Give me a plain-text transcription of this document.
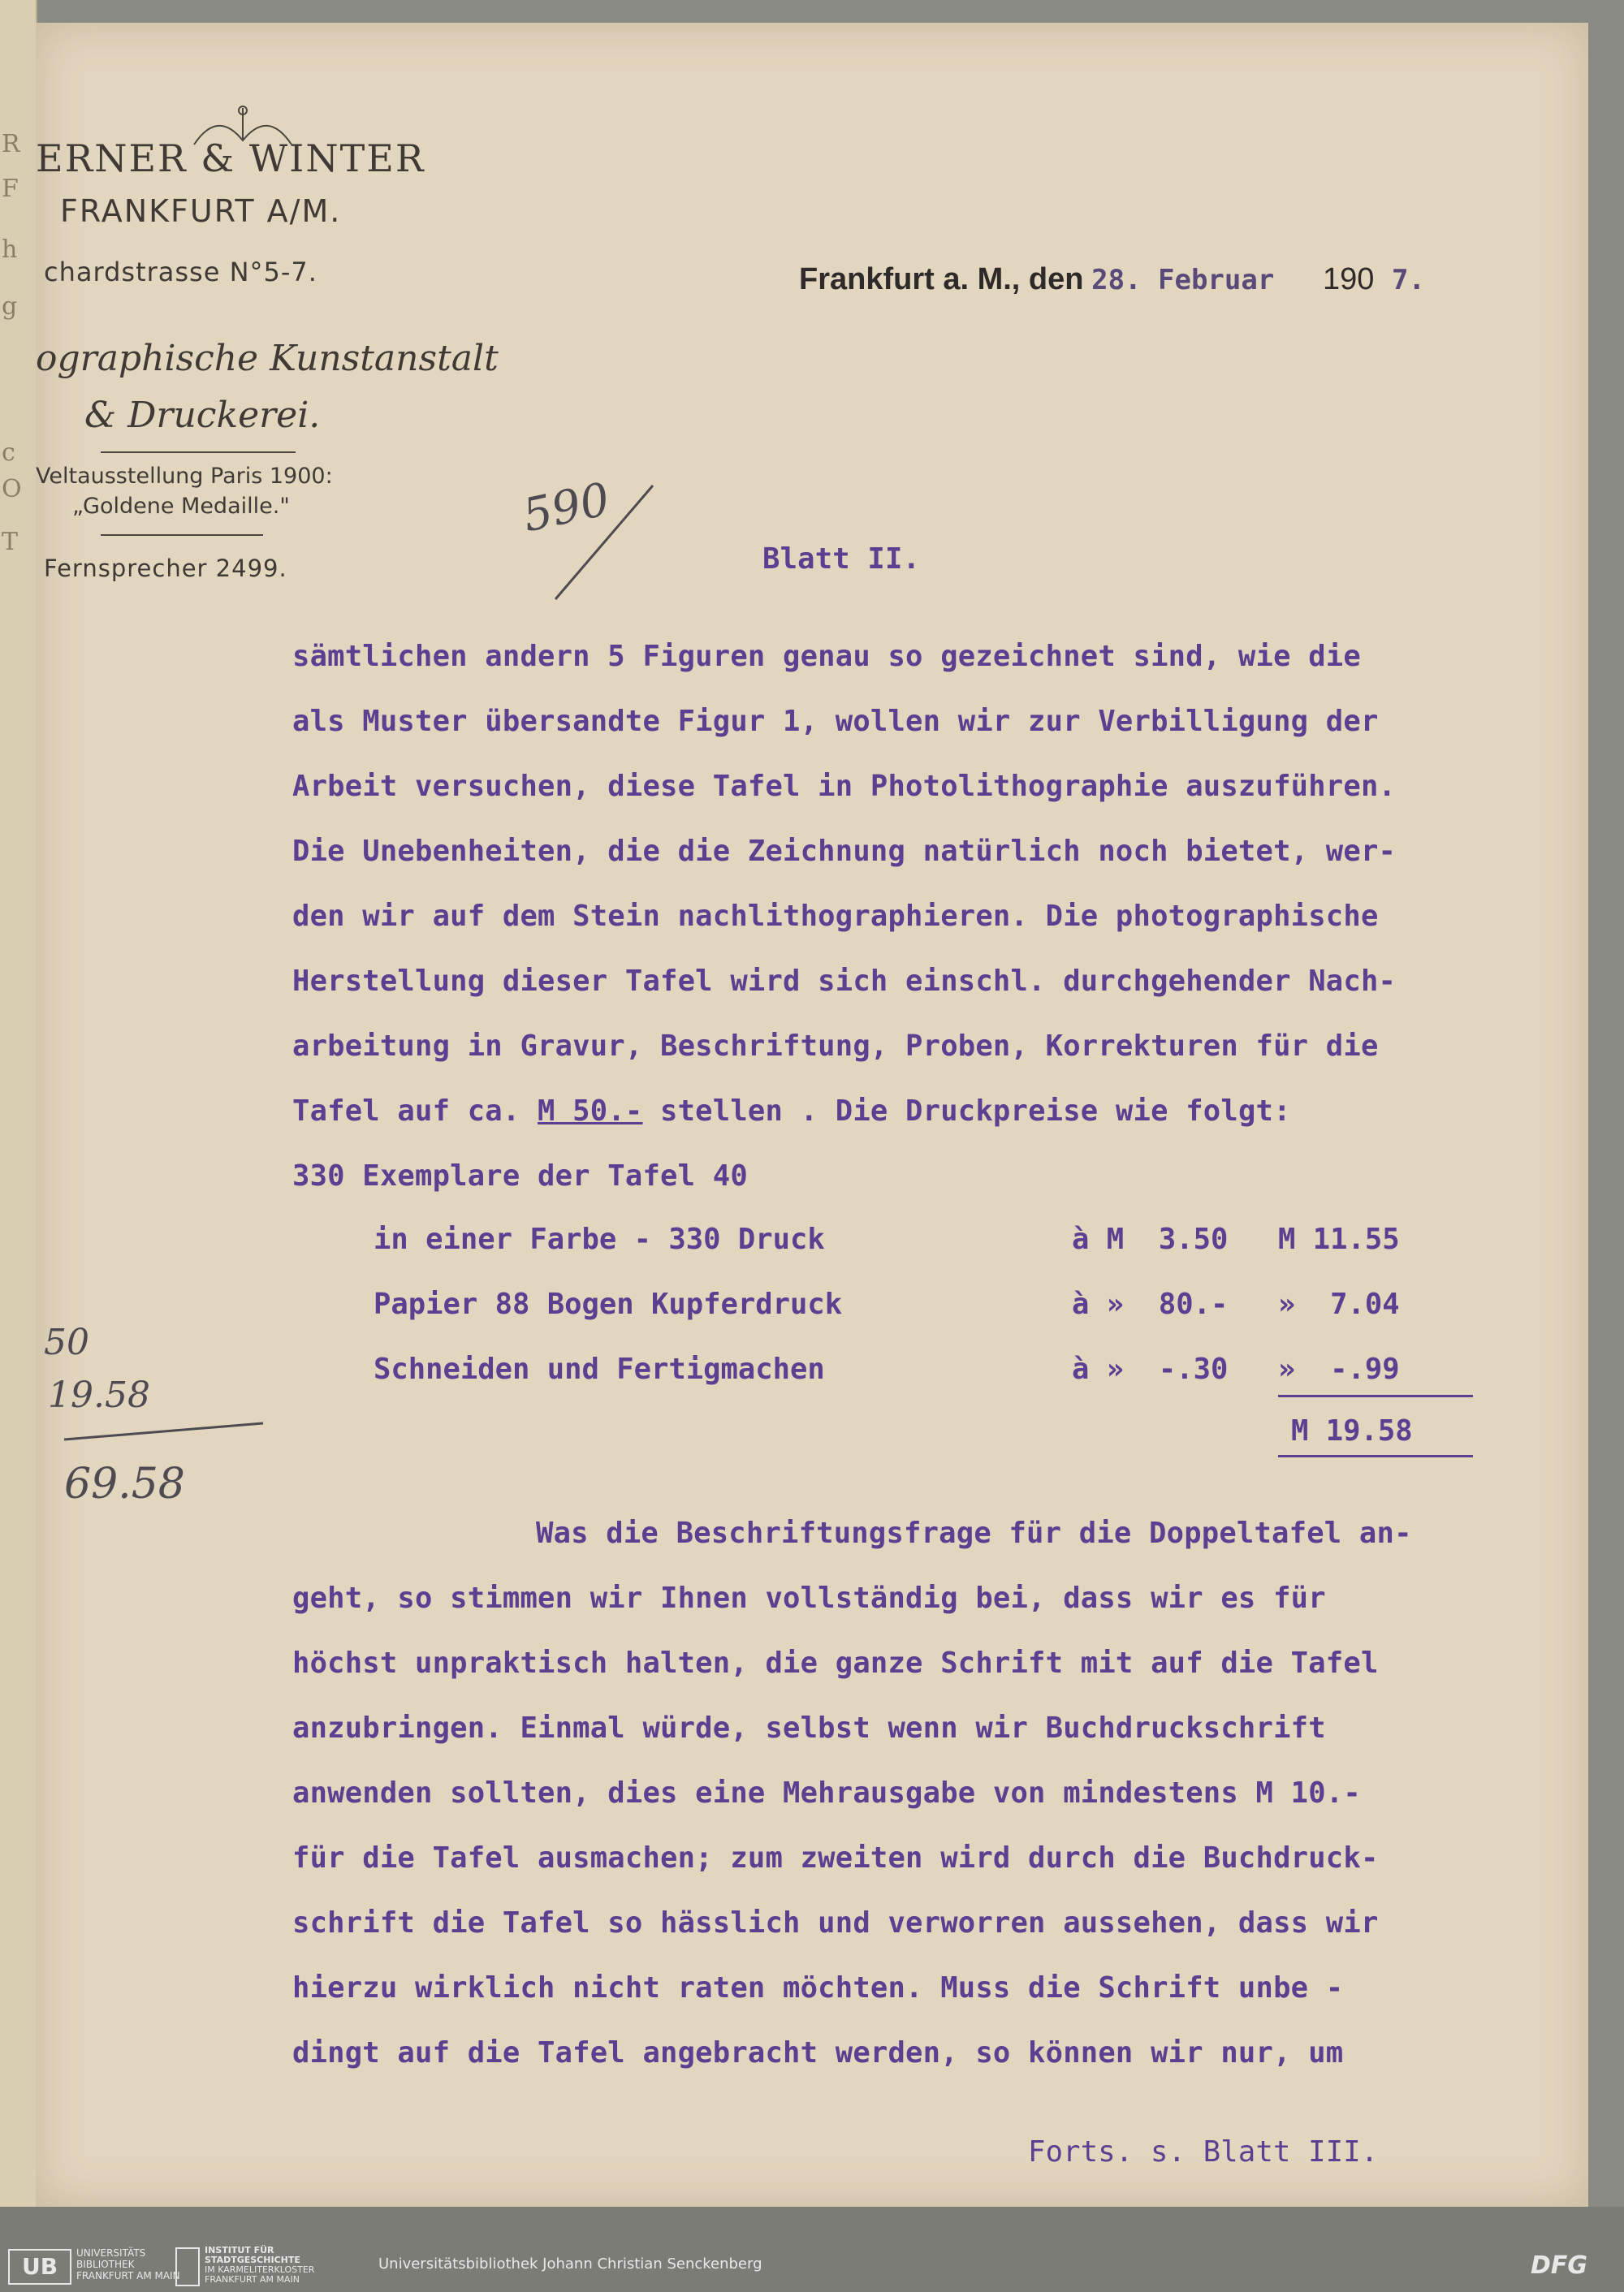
R
F
h
g
c
O
T
ERNER & WINTER
FRANKFURT A/M.
chardstrasse N°5-7.
ographische Kunstanstalt
& Druckerei.
Veltausstellung Paris 1900:
„Goldene Medaille."
Fernsprecher 2499.
Frankfurt a. M., den 28. Februar 190 7.
590
50
19.58
69.58
Blatt II.
sämtlichen andern 5 Figuren genau so gezeichnet sind, wie die
als Muster übersandte Figur 1, wollen wir zur Verbilligung der
Arbeit versuchen, diese Tafel in Photolithographie auszuführen.
Die Unebenheiten, die die Zeichnung natürlich noch bietet, wer-
den wir auf dem Stein nachlithographieren. Die photographische
Herstellung dieser Tafel wird sich einschl. durchgehender Nach-
arbeitung in Gravur, Beschriftung, Proben, Korrekturen für die
Tafel auf ca. M 50.- stellen . Die Druckpreise wie folgt:
330 Exemplare der Tafel 40
in einer Farbe - 330 Druck	à M  3.50 M 11.55
Papier 88 Bogen Kupferdruck	à »  80.- »  7.04
Schneiden und Fertigmachen	à »  -.30 »  -.99
M 19.58
Was die Beschriftungsfrage für die Doppeltafel an-
geht, so stimmen wir Ihnen vollständig bei, dass wir es für
höchst unpraktisch halten, die ganze Schrift mit auf die Tafel
anzubringen. Einmal würde, selbst wenn wir Buchdruckschrift
anwenden sollten, dies eine Mehrausgabe von mindestens M 10.-
für die Tafel ausmachen; zum zweiten wird durch die Buchdruck-
schrift die Tafel so hässlich und verworren aussehen, dass wir
hierzu wirklich nicht raten möchten. Muss die Schrift unbe -
dingt auf die Tafel angebracht werden, so können wir nur, um
Forts. s. Blatt III.
UB	UNIVERSITÄTS
BIBLIOTHEK
FRANKFURT AM MAIN
INSTITUT FÜR
STADTGESCHICHTE
IM KARMELITERKLOSTER
FRANKFURT AM MAIN
Universitätsbibliothek Johann Christian Senckenberg	DFG
